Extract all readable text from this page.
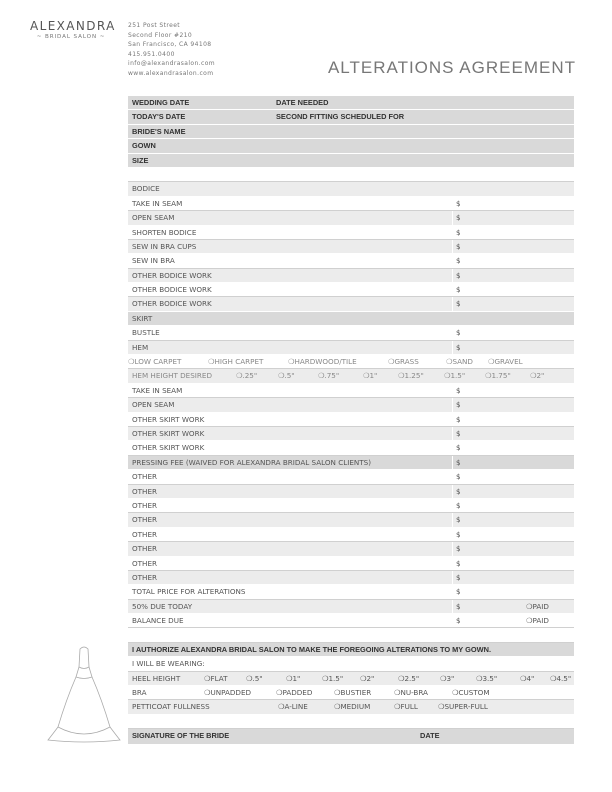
ALEXANDRA
~ BRIDAL SALON ~
251 Post Street
Second Floor #210
San Francisco, CA 94108
415.951.0400
info@alexandrasalon.com
www.alexandrasalon.com	ALTERATIONS AGREEMENT
WEDDING DATE	DATE NEEDED
TODAY'S DATE	SECOND FITTING SCHEDULED FOR
BRIDE'S NAME
GOWN
SIZE
BODICE
TAKE IN SEAM	$
OPEN SEAM	$
SHORTEN BODICE	$
SEW IN BRA CUPS	$
SEW IN BRA	$
OTHER BODICE WORK	$
OTHER BODICE WORK	$
OTHER BODICE WORK	$
SKIRT
BUSTLE	$
HEM	$
❍LOW CARPET	❍HIGH CARPET	❍HARDWOOD/TILE	❍GRASS	❍SAND ❍GRAVEL
HEM HEIGHT DESIRED	❍.25"	❍.5"	❍.75"	❍1"	❍1.25"	❍1.5"	❍1.75"	❍2"
TAKE IN SEAM	$
OPEN SEAM	$
OTHER SKIRT WORK	$
OTHER SKIRT WORK	$
OTHER SKIRT WORK	$
PRESSING FEE (WAIVED FOR ALEXANDRA BRIDAL SALON CLIENTS)	$
OTHER	$
OTHER	$
OTHER	$
OTHER	$
OTHER	$
OTHER	$
OTHER	$
OTHER	$
TOTAL PRICE FOR ALTERATIONS	$
50% DUE TODAY	$	❍PAID
BALANCE DUE	$	❍PAID
I AUTHORIZE ALEXANDRA BRIDAL SALON TO MAKE THE FOREGOING ALTERATIONS TO MY GOWN.
I WILL BE WEARING:
HEEL HEIGHT	❍FLAT	❍.5"	❍1"	❍1.5" ❍2"	❍2.5"	❍3"	❍3.5"	❍4" ❍4.5"
BRA	❍UNPADDED	❍PADDED	❍BUSTIER	❍NU-BRA	❍CUSTOM
PETTICOAT FULLNESS	❍A-LINE	❍MEDIUM	❍FULL	❍SUPER-FULL
SIGNATURE OF THE BRIDE	DATE
